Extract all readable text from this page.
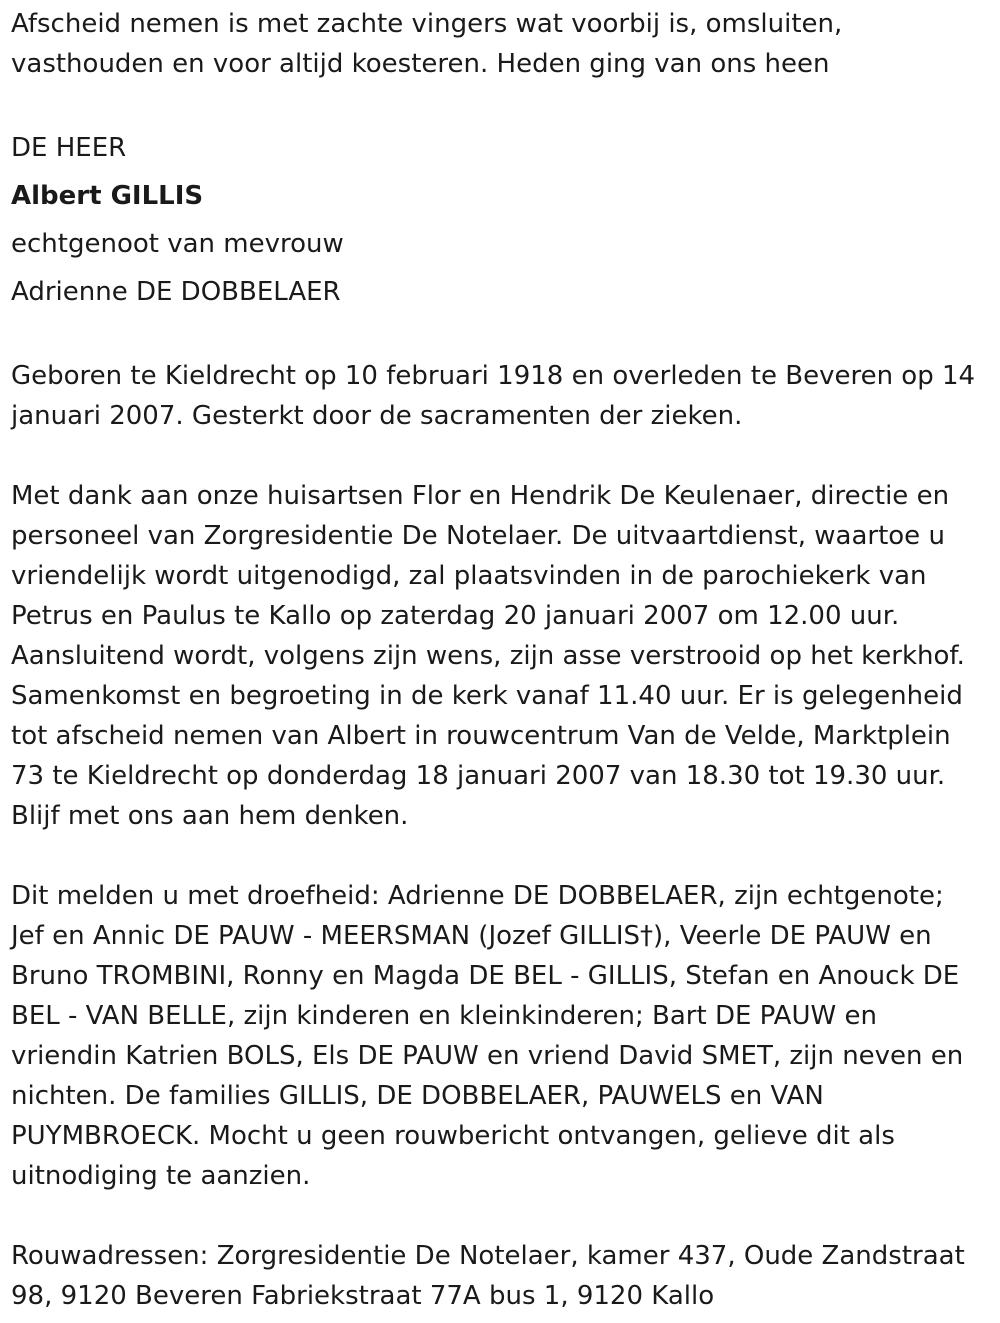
Afscheid nemen is met zachte vingers wat voorbij is, omsluiten,
vasthouden en voor altijd koesteren. Heden ging van ons heen
DE HEER
Albert GILLIS
echtgenoot van mevrouw
Adrienne DE DOBBELAER
Geboren te Kieldrecht op 10 februari 1918 en overleden te Beveren op 14
januari 2007. Gesterkt door de sacramenten der zieken.
Met dank aan onze huisartsen Flor en Hendrik De Keulenaer, directie en
personeel van Zorgresidentie De Notelaer. De uitvaartdienst, waartoe u
vriendelijk wordt uitgenodigd, zal plaatsvinden in de parochiekerk van
Petrus en Paulus te Kallo op zaterdag 20 januari 2007 om 12.00 uur.
Aansluitend wordt, volgens zijn wens, zijn asse verstrooid op het kerkhof.
Samenkomst en begroeting in de kerk vanaf 11.40 uur. Er is gelegenheid
tot afscheid nemen van Albert in rouwcentrum Van de Velde, Marktplein
73 te Kieldrecht op donderdag 18 januari 2007 van 18.30 tot 19.30 uur.
Blijf met ons aan hem denken.
Dit melden u met droefheid: Adrienne DE DOBBELAER, zijn echtgenote;
Jef en Annic DE PAUW - MEERSMAN (Jozef GILLIS†), Veerle DE PAUW en
Bruno TROMBINI, Ronny en Magda DE BEL - GILLIS, Stefan en Anouck DE
BEL - VAN BELLE, zijn kinderen en kleinkinderen; Bart DE PAUW en
vriendin Katrien BOLS, Els DE PAUW en vriend David SMET, zijn neven en
nichten. De families GILLIS, DE DOBBELAER, PAUWELS en VAN
PUYMBROECK. Mocht u geen rouwbericht ontvangen, gelieve dit als
uitnodiging te aanzien.
Rouwadressen: Zorgresidentie De Notelaer, kamer 437, Oude Zandstraat
98, 9120 Beveren Fabriekstraat 77A bus 1, 9120 Kallo
